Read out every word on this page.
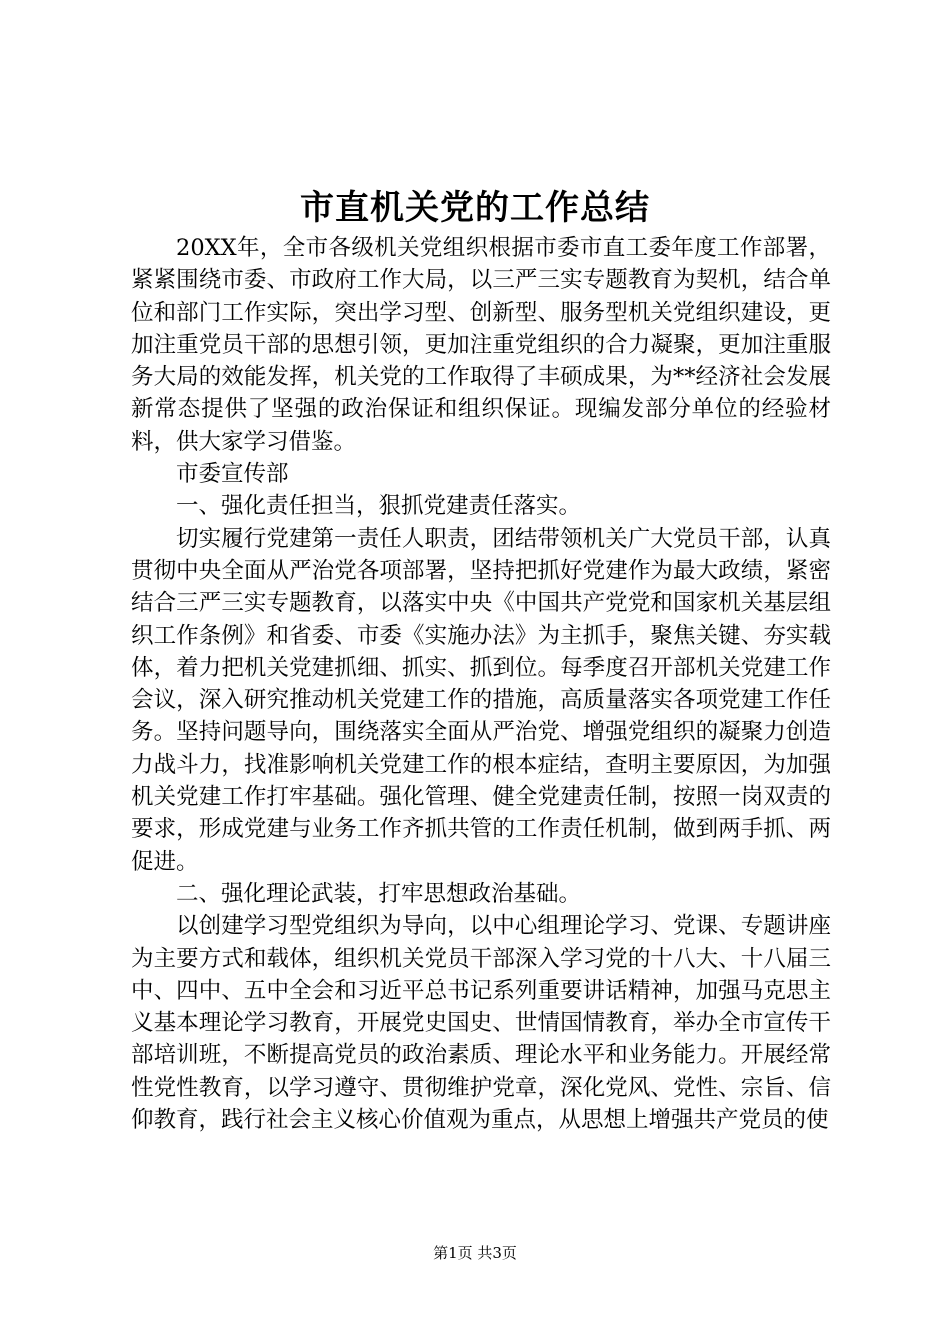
市直机关党的工作总结

20XX年，全市各级机关党组织根据市委市直工委年度工作部署，紧紧围绕市委、市政府工作大局，以三严三实专题教育为契机，结合单位和部门工作实际，突出学习型、创新型、服务型机关党组织建设，更加注重党员干部的思想引领，更加注重党组织的合力凝聚，更加注重服务大局的效能发挥，机关党的工作取得了丰硕成果，为**经济社会发展新常态提供了坚强的政治保证和组织保证。现编发部分单位的经验材料，供大家学习借鉴。

市委宣传部

一、强化责任担当，狠抓党建责任落实。

切实履行党建第一责任人职责，团结带领机关广大党员干部，认真贯彻中央全面从严治党各项部署，坚持把抓好党建作为最大政绩，紧密结合三严三实专题教育，以落实中央《中国共产党党和国家机关基层组织工作条例》和省委、市委《实施办法》为主抓手，聚焦关键、夯实载体，着力把机关党建抓细、抓实、抓到位。每季度召开部机关党建工作会议，深入研究推动机关党建工作的措施，高质量落实各项党建工作任务。坚持问题导向，围绕落实全面从严治党、增强党组织的凝聚力创造力战斗力，找准影响机关党建工作的根本症结，查明主要原因，为加强机关党建工作打牢基础。强化管理、健全党建责任制，按照一岗双责的要求，形成党建与业务工作齐抓共管的工作责任机制，做到两手抓、两促进。

二、强化理论武装，打牢思想政治基础。

以创建学习型党组织为导向，以中心组理论学习、党课、专题讲座为主要方式和载体，组织机关党员干部深入学习党的十八大、十八届三中、四中、五中全会和习近平总书记系列重要讲话精神，加强马克思主义基本理论学习教育，开展党史国史、世情国情教育，举办全市宣传干部培训班，不断提高党员的政治素质、理论水平和业务能力。开展经常性党性教育，以学习遵守、贯彻维护党章，深化党风、党性、宗旨、信仰教育，践行社会主义核心价值观为重点，从思想上增强共产党员的使

第1页 共3页
